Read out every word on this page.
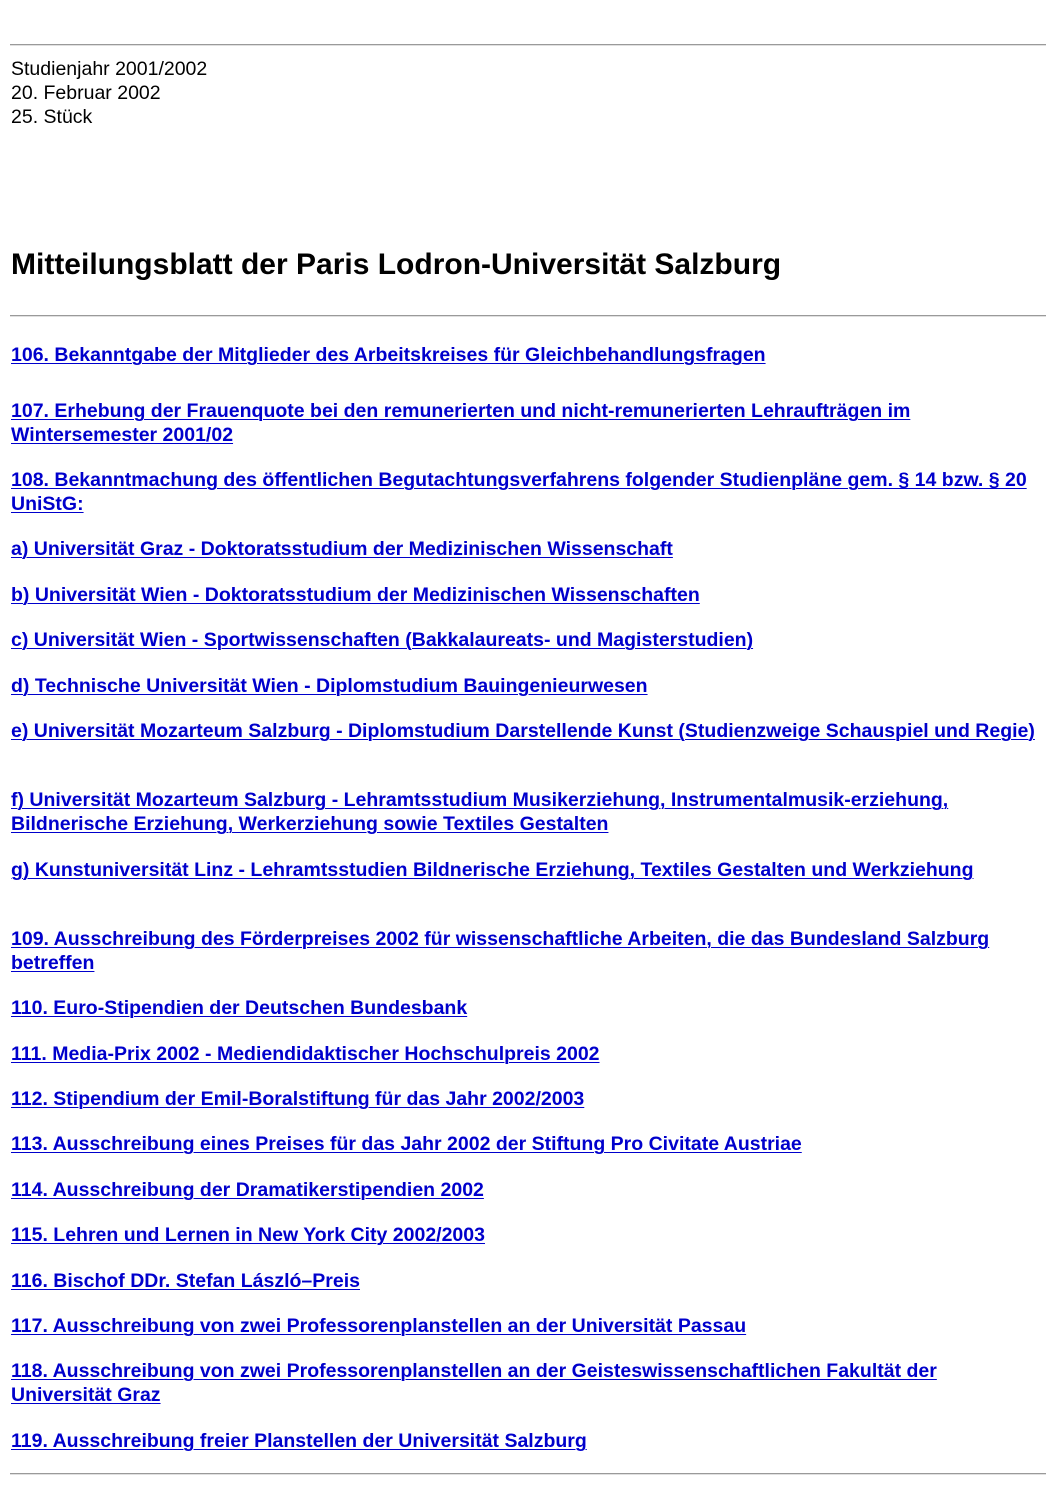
Studienjahr 2001/2002
20. Februar 2002
25. Stück
Mitteilungsblatt der Paris Lodron-Universität Salzburg
106. Bekanntgabe der Mitglieder des Arbeitskreises für Gleichbehandlungsfragen
107. Erhebung der Frauenquote bei den remunerierten und nicht-remunerierten Lehraufträgen im Wintersemester 2001/02
108. Bekanntmachung des öffentlichen Begutachtungsverfahrens folgender Studienpläne gem. § 14 bzw. § 20 UniStG:
a) Universität Graz - Doktoratsstudium der Medizinischen Wissenschaft
b) Universität Wien - Doktoratsstudium der Medizinischen Wissenschaften
c) Universität Wien - Sportwissenschaften (Bakkalaureats- und Magisterstudien)
d) Technische Universität Wien - Diplomstudium Bauingenieurwesen
e) Universität Mozarteum Salzburg - Diplomstudium Darstellende Kunst (Studienzweige Schauspiel und Regie)
f) Universität Mozarteum Salzburg - Lehramtsstudium Musikerziehung, Instrumentalmusik-erziehung, Bildnerische Erziehung, Werkerziehung sowie Textiles Gestalten
g) Kunstuniversität Linz - Lehramtsstudien Bildnerische Erziehung, Textiles Gestalten und Werkziehung
109. Ausschreibung des Förderpreises 2002 für wissenschaftliche Arbeiten, die das Bundesland Salzburg betreffen
110. Euro-Stipendien der Deutschen Bundesbank
111. Media-Prix 2002 - Mediendidaktischer Hochschulpreis 2002
112. Stipendium der Emil-Boralstiftung für das Jahr 2002/2003
113. Ausschreibung eines Preises für das Jahr 2002 der Stiftung Pro Civitate Austriae
114. Ausschreibung der Dramatikerstipendien 2002
115. Lehren und Lernen in New York City 2002/2003
116. Bischof DDr. Stefan László–Preis
117. Ausschreibung von zwei Professorenplanstellen an der Universität Passau
118. Ausschreibung von zwei Professorenplanstellen an der Geisteswissenschaftlichen Fakultät der Universität Graz
119. Ausschreibung freier Planstellen der Universität Salzburg
